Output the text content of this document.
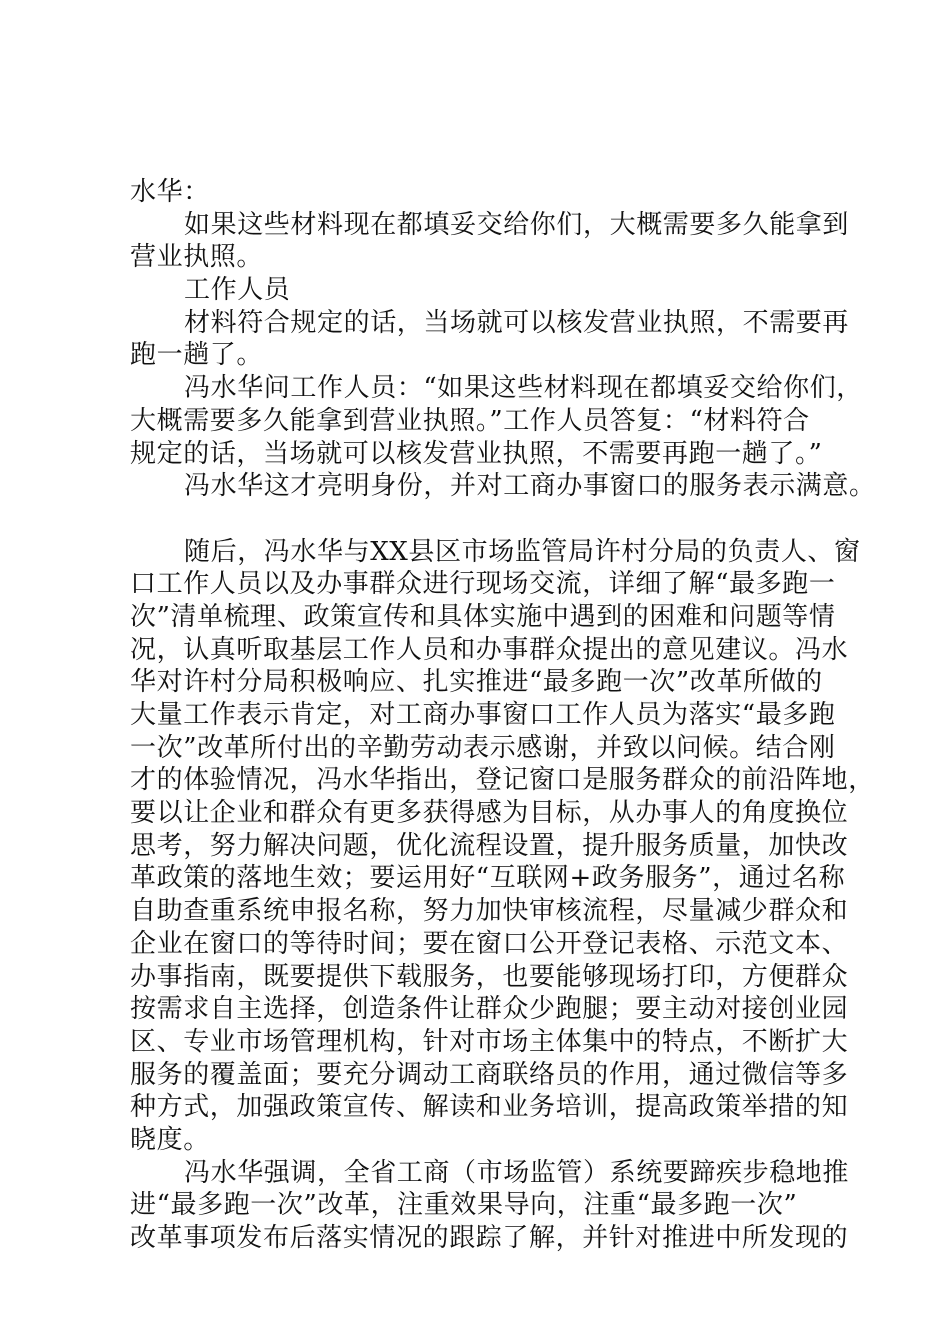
水华：
如果这些材料现在都填妥交给你们，大概需要多久能拿到
营业执照。
工作人员
材料符合规定的话，当场就可以核发营业执照，不需要再
跑一趟了。
冯水华问工作人员：“如果这些材料现在都填妥交给你们，
大概需要多久能拿到营业执照。”工作人员答复：“材料符合
规定的话，当场就可以核发营业执照，不需要再跑一趟了。”
冯水华这才亮明身份，并对工商办事窗口的服务表示满意。
随后，冯水华与XX县区市场监管局许村分局的负责人、窗
口工作人员以及办事群众进行现场交流，详细了解“最多跑一
次”清单梳理、政策宣传和具体实施中遇到的困难和问题等情
况，认真听取基层工作人员和办事群众提出的意见建议。冯水
华对许村分局积极响应、扎实推进“最多跑一次”改革所做的
大量工作表示肯定，对工商办事窗口工作人员为落实“最多跑
一次”改革所付出的辛勤劳动表示感谢，并致以问候。结合刚
才的体验情况，冯水华指出，登记窗口是服务群众的前沿阵地，
要以让企业和群众有更多获得感为目标，从办事人的角度换位
思考，努力解决问题，优化流程设置，提升服务质量，加快改
革政策的落地生效；要运用好“互联网+政务服务”，通过名称
自助查重系统申报名称，努力加快审核流程，尽量减少群众和
企业在窗口的等待时间；要在窗口公开登记表格、示范文本、
办事指南，既要提供下载服务，也要能够现场打印，方便群众
按需求自主选择，创造条件让群众少跑腿；要主动对接创业园
区、专业市场管理机构，针对市场主体集中的特点，不断扩大
服务的覆盖面；要充分调动工商联络员的作用，通过微信等多
种方式，加强政策宣传、解读和业务培训，提高政策举措的知
晓度。
冯水华强调，全省工商（市场监管）系统要蹄疾步稳地推
进“最多跑一次”改革，注重效果导向，注重“最多跑一次”
改革事项发布后落实情况的跟踪了解，并针对推进中所发现的
